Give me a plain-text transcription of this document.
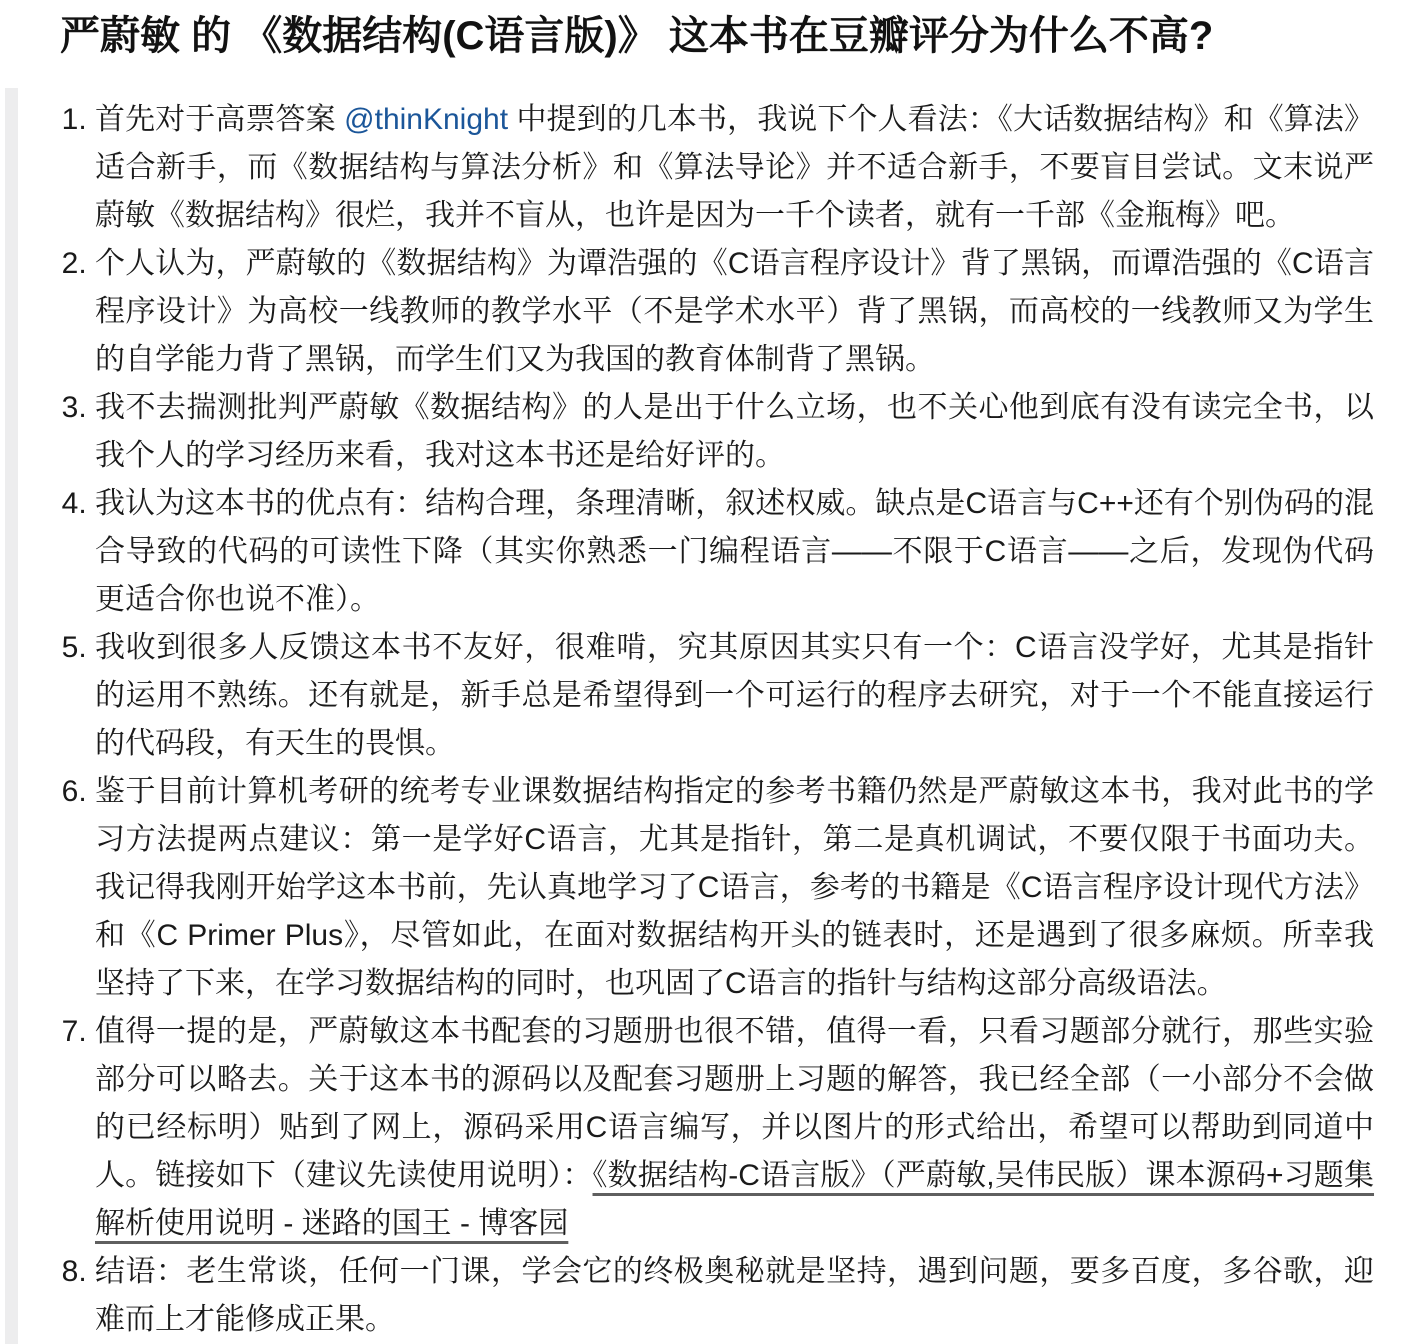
严蔚敏 的 《数据结构(C语言版)》 这本书在豆瓣评分为什么不高?
1. 首先对于高票答案 @thinKnight 中提到的几本书，我说下个人看法：《大话数据结构》和《算法》适合新手，而《数据结构与算法分析》和《算法导论》并不适合新手，不要盲目尝试。文末说严蔚敏《数据结构》很烂，我并不盲从，也许是因为一千个读者，就有一千部《金瓶梅》吧。
2. 个人认为，严蔚敏的《数据结构》为谭浩强的《C语言程序设计》背了黑锅，而谭浩强的《C语言程序设计》为高校一线教师的教学水平（不是学术水平）背了黑锅，而高校的一线教师又为学生的自学能力背了黑锅，而学生们又为我国的教育体制背了黑锅。
3. 我不去揣测批判严蔚敏《数据结构》的人是出于什么立场，也不关心他到底有没有读完全书，以我个人的学习经历来看，我对这本书还是给好评的。
4. 我认为这本书的优点有：结构合理，条理清晰，叙述权威。缺点是C语言与C++还有个别伪码的混合导致的代码的可读性下降（其实你熟悉一门编程语言——不限于C语言——之后，发现伪代码更适合你也说不准）。
5. 我收到很多人反馈这本书不友好，很难啃，究其原因其实只有一个：C语言没学好，尤其是指针的运用不熟练。还有就是，新手总是希望得到一个可运行的程序去研究，对于一个不能直接运行的代码段，有天生的畏惧。
6. 鉴于目前计算机考研的统考专业课数据结构指定的参考书籍仍然是严蔚敏这本书，我对此书的学习方法提两点建议：第一是学好C语言，尤其是指针，第二是真机调试，不要仅限于书面功夫。我记得我刚开始学这本书前，先认真地学习了C语言，参考的书籍是《C语言程序设计现代方法》和《C Primer Plus》，尽管如此，在面对数据结构开头的链表时，还是遇到了很多麻烦。所幸我坚持了下来，在学习数据结构的同时，也巩固了C语言的指针与结构这部分高级语法。
7. 值得一提的是，严蔚敏这本书配套的习题册也很不错，值得一看，只看习题部分就行，那些实验部分可以略去。关于这本书的源码以及配套习题册上习题的解答，我已经全部（一小部分不会做的已经标明）贴到了网上，源码采用C语言编写，并以图片的形式给出，希望可以帮助到同道中人。链接如下（建议先读使用说明）：《数据结构-C语言版》（严蔚敏,吴伟民版）课本源码+习题集解析使用说明 - 迷路的国王 - 博客园
8. 结语：老生常谈，任何一门课，学会它的终极奥秘就是坚持，遇到问题，要多百度，多谷歌，迎难而上才能修成正果。
